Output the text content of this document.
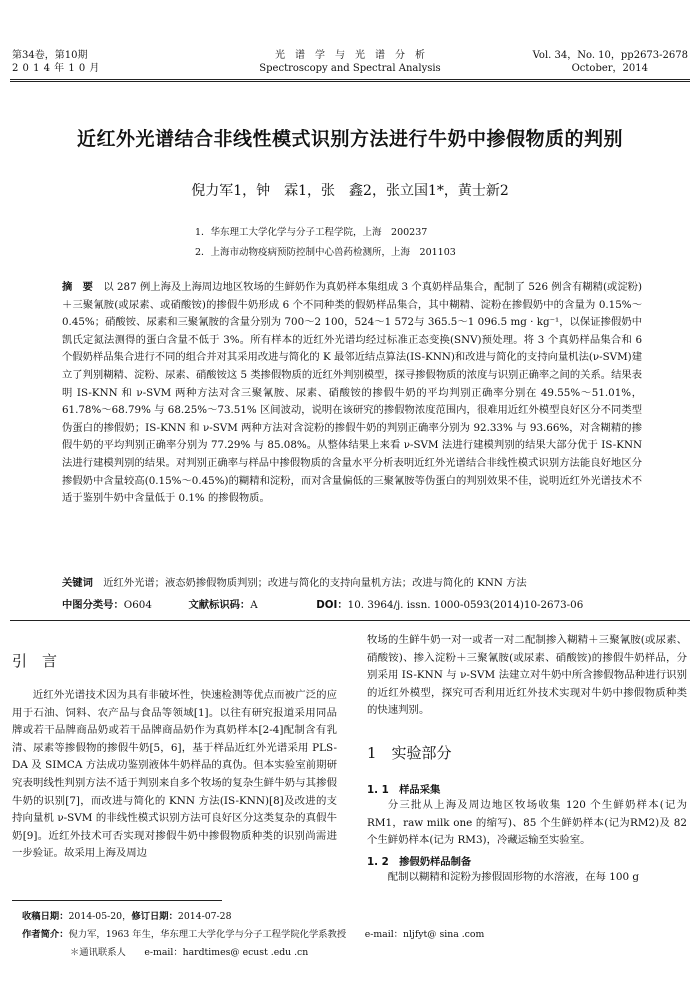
第34卷，第10期
2 0 1 4 年 1 0 月
光　谱　学　与　光　谱　分　析
Spectroscopy and Spectral Analysis
Vol. 34，No. 10，pp2673-2678
October，2014
近红外光谱结合非线性模式识别方法进行牛奶中掺假物质的判别
倪力军1，钟　霖1，张　鑫2，张立国1*，黄士新2
1．华东理工大学化学与分子工程学院，上海　200237
2．上海市动物疫病预防控制中心兽药检测所，上海　201103
摘　要　 以 287 例上海及上海周边地区牧场的生鲜奶作为真奶样本集组成 3 个真奶样品集合，配制了 526 例含有糊精(或淀粉)＋三聚氰胺(或尿素、或硝酸铵)的掺假牛奶形成 6 个不同种类的假奶样品集合，其中糊精、淀粉在掺假奶中的含量为 0.15%～0.45%；硝酸铵、尿素和三聚氰胺的含量分别为 700～2 100，524～1 572与 365.5～1 096.5 mg · kg⁻¹，以保证掺假奶中凯氏定氮法测得的蛋白含量不低于 3%。所有样本的近红外光谱均经过标准正态变换(SNV)预处理。将 3 个真奶样品集合和 6 个假奶样品集合进行不同的组合并对其采用改进与简化的 K 最邻近结点算法(IS-KNN)和改进与简化的支持向量机法(ν-SVM)建立了判别糊精、淀粉、尿素、硝酸铵这 5 类掺假物质的近红外判别模型，探寻掺假物质的浓度与识别正确率之间的关系。结果表明 IS-KNN 和 ν-SVM 两种方法对含三聚氰胺、尿素、硝酸铵的掺假牛奶的平均判别正确率分别在 49.55%～51.01%，61.78%～68.79% 与 68.25%～73.51% 区间波动，说明在该研究的掺假物浓度范围内，很难用近红外模型良好区分不同类型伪蛋白的掺假奶；IS-KNN 和 ν-SVM 两种方法对含淀粉的掺假牛奶的判别正确率分别为 92.33% 与 93.66%，对含糊精的掺假牛奶的平均判别正确率分别为 77.29% 与 85.08%。从整体结果上来看 ν-SVM 法进行建模判别的结果大部分优于 IS-KNN 法进行建模判别的结果。对判别正确率与样品中掺假物质的含量水平分析表明近红外光谱结合非线性模式识别方法能良好地区分掺假奶中含量较高(0.15%～0.45%)的糊精和淀粉，而对含量偏低的三聚氰胺等伪蛋白的判别效果不佳，说明近红外光谱技术不适于鉴别牛奶中含量低于 0.1% 的掺假物质。
关键词　 近红外光谱；液态奶掺假物质判别；改进与简化的支持向量机方法；改进与简化的 KNN 方法
中图分类号：O604	文献标识码：A	DOI：10. 3964/j. issn. 1000-0593(2014)10-2673-06
引　言
近红外光谱技术因为具有非破坏性，快速检测等优点而被广泛的应用于石油、饲料、农产品与食品等领域[1]。以往有研究报道采用同品牌或若干品牌商品奶或若干品牌商品奶作为真奶样本[2-4]配制含有乳清、尿素等掺假物的掺假牛奶[5，6]，基于样品近红外光谱采用 PLS-DA 及 SIMCA 方法成功鉴别液体牛奶样品的真伪。但本实验室前期研究表明线性判别方法不适于判别来自多个牧场的复杂生鲜牛奶与其掺假牛奶的识别[7]，而改进与简化的 KNN 方法(IS-KNN)[8]及改进的支持向量机 ν-SVM 的非线性模式识别方法可良好区分这类复杂的真假牛奶[9]。近红外技术可否实现对掺假牛奶中掺假物质种类的识别尚需进一步验证。故采用上海及周边
牧场的生鲜牛奶一对一或者一对二配制掺入糊精＋三聚氰胺(或尿素、硝酸铵)、掺入淀粉＋三聚氰胺(或尿素、硝酸铵)的掺假牛奶样品，分别采用 IS-KNN 与 ν-SVM 法建立对牛奶中所含掺假物品种进行识别的近红外模型，探究可否利用近红外技术实现对牛奶中掺假物质种类的快速判别。
1　实验部分
1. 1　样品采集
分三批从上海及周边地区牧场收集 120 个生鲜奶样本(记为 RM1，raw milk one 的缩写)、85 个生鲜奶样本(记为RM2)及 82 个生鲜奶样本(记为 RM3)，冷藏运输至实验室。
1. 2　掺假奶样品制备
配制以糊精和淀粉为掺假固形物的水溶液，在每 100 g
收稿日期：2014-05-20，修订日期：2014-07-28
作者简介：倪力军，1963 年生，华东理工大学化学与分子工程学院化学系教授　　e-mail：nljfyt@ sina .com
＊通讯联系人　　e-mail：hardtimes@ ecust .edu .cn
